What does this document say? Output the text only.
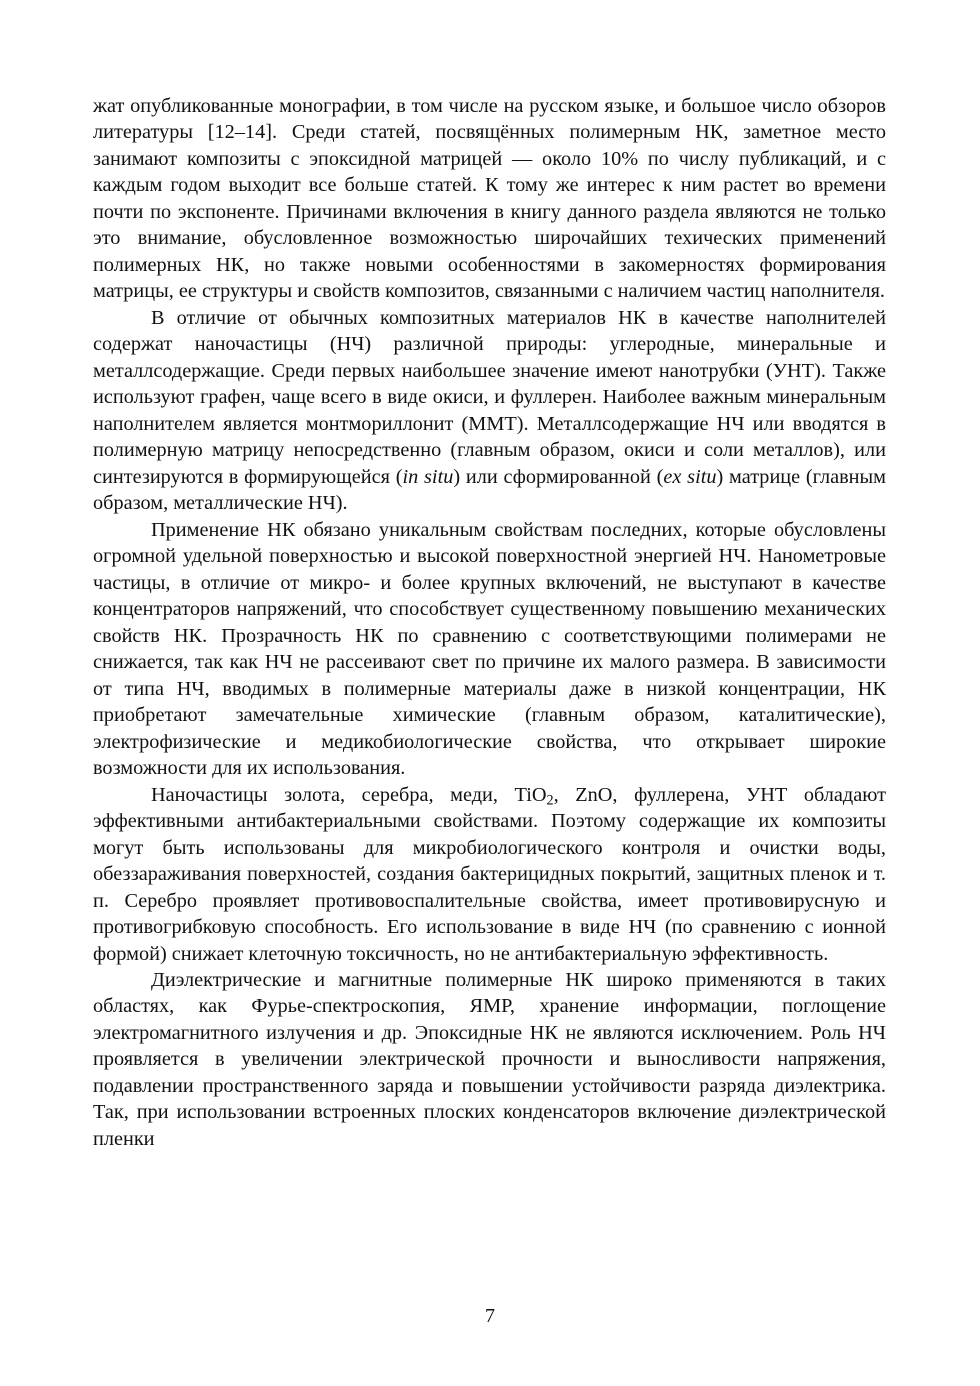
жат опубликованные монографии, в том числе на русском языке, и большое число обзоров литературы [12–14]. Среди статей, посвящённых полимерным НК, заметное место занимают композиты с эпоксидной матрицей — около 10% по числу публикаций, и с каждым годом выходит все больше статей. К тому же интерес к ним растет во времени почти по экспоненте. Причинами включения в книгу данного раздела являются не только это внимание, обусловленное возможностью широчайших техических применений полимерных НК, но также новыми особенностями в закомерностях формирования матрицы, ее структуры и свойств композитов, связанными с наличием частиц наполнителя.

В отличие от обычных композитных материалов НК в качестве наполнителей содержат наночастицы (НЧ) различной природы: углеродные, минеральные и металлсодержащие. Среди первых наибольшее значение имеют нанотрубки (УНТ). Также используют графен, чаще всего в виде окиси, и фуллерен. Наиболее важным минеральным наполнителем является монтмориллонит (ММТ). Металлсодержащие НЧ или вводятся в полимерную матрицу непосредственно (главным образом, окиси и соли металлов), или синтезируются в формирующейся (in situ) или сформированной (ex situ) матрице (главным образом, металлические НЧ).

Применение НК обязано уникальным свойствам последних, которые обусловлены огромной удельной поверхностью и высокой поверхностной энергией НЧ. Нанометровые частицы, в отличие от микро- и более крупных включений, не выступают в качестве концентраторов напряжений, что способствует существенному повышению механических свойств НК. Прозрачность НК по сравнению с соответствующими полимерами не снижается, так как НЧ не рассеивают свет по причине их малого размера. В зависимости от типа НЧ, вводимых в полимерные материалы даже в низкой концентрации, НК приобретают замечательные химические (главным образом, каталитические), электрофизические и медикобиологические свойства, что открывает широкие возможности для их использования.

Наночастицы золота, серебра, меди, TiO$_2$, ZnO, фуллерена, УНТ обладают эффективными антибактериальными свойствами. Поэтому содержащие их композиты могут быть использованы для микробиологического контроля и очистки воды, обеззараживания поверхностей, создания бактерицидных покрытий, защитных пленок и т. п. Серебро проявляет противовоспалительные свойства, имеет противовирусную и противогрибковую способность. Его использование в виде НЧ (по сравнению с ионной формой) снижает клеточную токсичность, но не антибактериальную эффективность.

Диэлектрические и магнитные полимерные НК широко применяются в таких областях, как Фурье-спектроскопия, ЯМР, хранение информации, поглощение электромагнитного излучения и др. Эпоксидные НК не являются исключением. Роль НЧ проявляется в увеличении электрической прочности и выносливости напряжения, подавлении пространственного заряда и повышении устойчивости разряда диэлектрика. Так, при использовании встроенных плоских конденсаторов включение диэлектрической пленки

7
